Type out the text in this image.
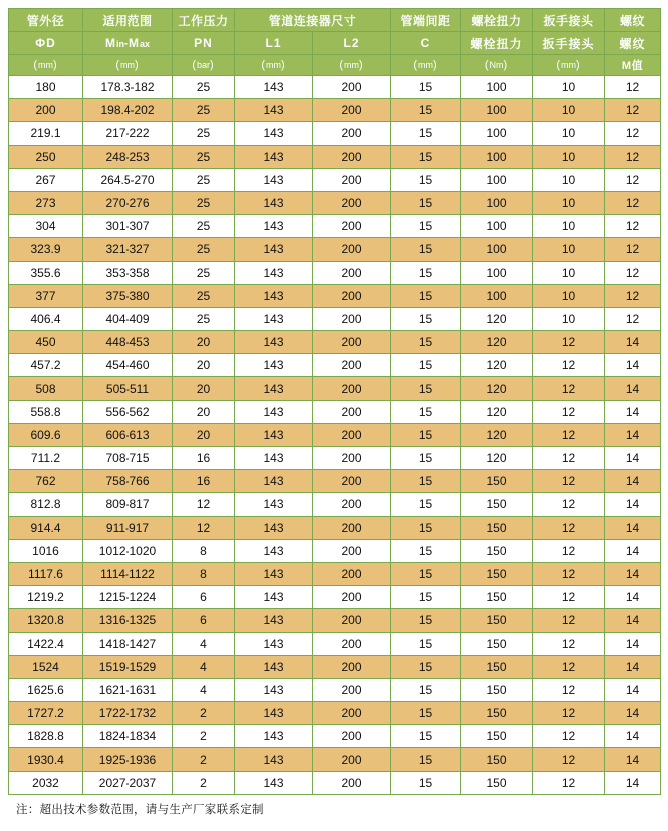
管外径	适用范围	工作压力	管道连接器尺寸		管端间距	螺栓扭力	扳手接头	螺纹
ΦD	Min-Max	PN	L1	L2	C	螺栓扭力	扳手接头	螺纹
(mm)	(mm)	(bar)	(mm)	(mm)	(mm)	(Nm)	(mm)	M值
180	178.3-182	25	143	200	15	100	10	12
200	198.4-202	25	143	200	15	100	10	12
219.1	217-222	25	143	200	15	100	10	12
250	248-253	25	143	200	15	100	10	12
267	264.5-270	25	143	200	15	100	10	12
273	270-276	25	143	200	15	100	10	12
304	301-307	25	143	200	15	100	10	12
323.9	321-327	25	143	200	15	100	10	12
355.6	353-358	25	143	200	15	100	10	12
377	375-380	25	143	200	15	100	10	12
406.4	404-409	25	143	200	15	120	10	12
450	448-453	20	143	200	15	120	12	14
457.2	454-460	20	143	200	15	120	12	14
508	505-511	20	143	200	15	120	12	14
558.8	556-562	20	143	200	15	120	12	14
609.6	606-613	20	143	200	15	120	12	14
711.2	708-715	16	143	200	15	120	12	14
762	758-766	16	143	200	15	150	12	14
812.8	809-817	12	143	200	15	150	12	14
914.4	911-917	12	143	200	15	150	12	14
1016	1012-1020	8	143	200	15	150	12	14
1117.6	1114-1122	8	143	200	15	150	12	14
1219.2	1215-1224	6	143	200	15	150	12	14
1320.8	1316-1325	6	143	200	15	150	12	14
1422.4	1418-1427	4	143	200	15	150	12	14
1524	1519-1529	4	143	200	15	150	12	14
1625.6	1621-1631	4	143	200	15	150	12	14
1727.2	1722-1732	2	143	200	15	150	12	14
1828.8	1824-1834	2	143	200	15	150	12	14
1930.4	1925-1936	2	143	200	15	150	12	14
2032	2027-2037	2	143	200	15	150	12	14
注：超出技术参数范围，请与生产厂家联系定制
